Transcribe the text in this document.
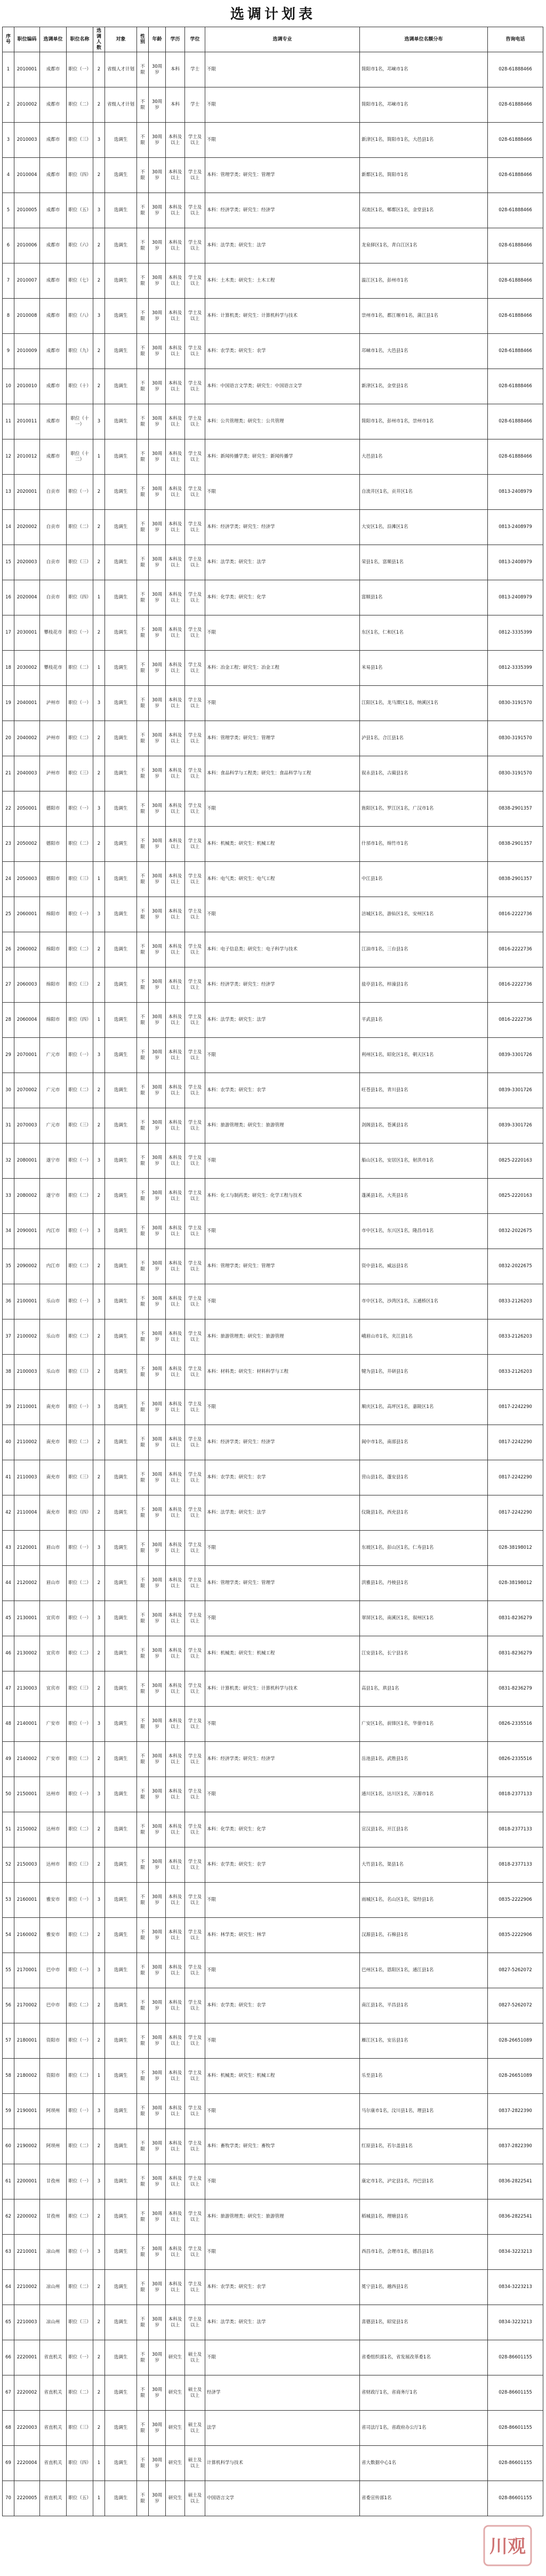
选调计划表
序号	职位编码	选调单位	职位名称	选调人数	对象	性别	年龄	学历	学位	选调专业	选调单位名额分布	咨询电话
1	2010001	成都市	职位（一）	2	省级人才计划	不限	30周岁	本科	学士	不限	简阳市1名，邛崃市1名	028-61888466
2	2010002	成都市	职位（二）	2	省级人才计划	不限	30周岁	本科	学士	不限	简阳市1名，邛崃市1名	028-61888466
3	2010003	成都市	职位（三）	3	选调生	不限	30周岁	本科及以上	学士及以上	不限	新津区1名，简阳市1名，大邑县1名	028-61888466
4	2010004	成都市	职位（四）	2	选调生	不限	30周岁	本科及以上	学士及以上	本科：管理学类；研究生：管理学	新都区1名，简阳市1名	028-61888466
5	2010005	成都市	职位（五）	3	选调生	不限	30周岁	本科及以上	学士及以上	本科：经济学类；研究生：经济学	双流区1名，郫都区1名，金堂县1名	028-61888466
6	2010006	成都市	职位（六）	2	选调生	不限	30周岁	本科及以上	学士及以上	本科：法学类；研究生：法学	龙泉驿区1名，青白江区1名	028-61888466
7	2010007	成都市	职位（七）	2	选调生	不限	30周岁	本科及以上	学士及以上	本科：土木类；研究生：土木工程	温江区1名，彭州市1名	028-61888466
8	2010008	成都市	职位（八）	3	选调生	不限	30周岁	本科及以上	学士及以上	本科：计算机类；研究生：计算机科学与技术	崇州市1名，都江堰市1名，蒲江县1名	028-61888466
9	2010009	成都市	职位（九）	2	选调生	不限	30周岁	本科及以上	学士及以上	本科：农学类；研究生：农学	邛崃市1名，大邑县1名	028-61888466
10	2010010	成都市	职位（十）	2	选调生	不限	30周岁	本科及以上	学士及以上	本科：中国语言文学类；研究生：中国语言文学	新津区1名，金堂县1名	028-61888466
11	2010011	成都市	职位（十一）	3	选调生	不限	30周岁	本科及以上	学士及以上	本科：公共管理类；研究生：公共管理	简阳市1名，彭州市1名，崇州市1名	028-61888466
12	2010012	成都市	职位（十二）	1	选调生	不限	30周岁	本科及以上	学士及以上	本科：新闻传播学类；研究生：新闻传播学	大邑县1名	028-61888466
13	2020001	自贡市	职位（一）	2	选调生	不限	30周岁	本科及以上	学士及以上	不限	自流井区1名，贡井区1名	0813-2408979
14	2020002	自贡市	职位（二）	2	选调生	不限	30周岁	本科及以上	学士及以上	本科：经济学类；研究生：经济学	大安区1名，沿滩区1名	0813-2408979
15	2020003	自贡市	职位（三）	2	选调生	不限	30周岁	本科及以上	学士及以上	本科：法学类；研究生：法学	荣县1名，富顺县1名	0813-2408979
16	2020004	自贡市	职位（四）	1	选调生	不限	30周岁	本科及以上	学士及以上	本科：化学类；研究生：化学	富顺县1名	0813-2408979
17	2030001	攀枝花市	职位（一）	2	选调生	不限	30周岁	本科及以上	学士及以上	不限	东区1名，仁和区1名	0812-3335399
18	2030002	攀枝花市	职位（二）	1	选调生	不限	30周岁	本科及以上	学士及以上	本科：冶金工程；研究生：冶金工程	米易县1名	0812-3335399
19	2040001	泸州市	职位（一）	3	选调生	不限	30周岁	本科及以上	学士及以上	不限	江阳区1名，龙马潭区1名，纳溪区1名	0830-3191570
20	2040002	泸州市	职位（二）	2	选调生	不限	30周岁	本科及以上	学士及以上	本科：管理学类；研究生：管理学	泸县1名，合江县1名	0830-3191570
21	2040003	泸州市	职位（三）	2	选调生	不限	30周岁	本科及以上	学士及以上	本科：食品科学与工程类；研究生：食品科学与工程	叙永县1名，古蔺县1名	0830-3191570
22	2050001	德阳市	职位（一）	3	选调生	不限	30周岁	本科及以上	学士及以上	不限	旌阳区1名，罗江区1名，广汉市1名	0838-2901357
23	2050002	德阳市	职位（二）	2	选调生	不限	30周岁	本科及以上	学士及以上	本科：机械类；研究生：机械工程	什邡市1名，绵竹市1名	0838-2901357
24	2050003	德阳市	职位（三）	1	选调生	不限	30周岁	本科及以上	学士及以上	本科：电气类；研究生：电气工程	中江县1名	0838-2901357
25	2060001	绵阳市	职位（一）	3	选调生	不限	30周岁	本科及以上	学士及以上	不限	涪城区1名，游仙区1名，安州区1名	0816-2222736
26	2060002	绵阳市	职位（二）	2	选调生	不限	30周岁	本科及以上	学士及以上	本科：电子信息类；研究生：电子科学与技术	江油市1名，三台县1名	0816-2222736
27	2060003	绵阳市	职位（三）	2	选调生	不限	30周岁	本科及以上	学士及以上	本科：经济学类；研究生：经济学	盐亭县1名，梓潼县1名	0816-2222736
28	2060004	绵阳市	职位（四）	1	选调生	不限	30周岁	本科及以上	学士及以上	本科：法学类；研究生：法学	平武县1名	0816-2222736
29	2070001	广元市	职位（一）	3	选调生	不限	30周岁	本科及以上	学士及以上	不限	利州区1名，昭化区1名，朝天区1名	0839-3301726
30	2070002	广元市	职位（二）	2	选调生	不限	30周岁	本科及以上	学士及以上	本科：农学类；研究生：农学	旺苍县1名，青川县1名	0839-3301726
31	2070003	广元市	职位（三）	2	选调生	不限	30周岁	本科及以上	学士及以上	本科：旅游管理类；研究生：旅游管理	剑阁县1名，苍溪县1名	0839-3301726
32	2080001	遂宁市	职位（一）	3	选调生	不限	30周岁	本科及以上	学士及以上	不限	船山区1名，安居区1名，射洪市1名	0825-2220163
33	2080002	遂宁市	职位（二）	2	选调生	不限	30周岁	本科及以上	学士及以上	本科：化工与制药类；研究生：化学工程与技术	蓬溪县1名，大英县1名	0825-2220163
34	2090001	内江市	职位（一）	3	选调生	不限	30周岁	本科及以上	学士及以上	不限	市中区1名，东兴区1名，隆昌市1名	0832-2022675
35	2090002	内江市	职位（二）	2	选调生	不限	30周岁	本科及以上	学士及以上	本科：管理学类；研究生：管理学	资中县1名，威远县1名	0832-2022675
36	2100001	乐山市	职位（一）	3	选调生	不限	30周岁	本科及以上	学士及以上	不限	市中区1名，沙湾区1名，五通桥区1名	0833-2126203
37	2100002	乐山市	职位（二）	2	选调生	不限	30周岁	本科及以上	学士及以上	本科：旅游管理类；研究生：旅游管理	峨眉山市1名，夹江县1名	0833-2126203
38	2100003	乐山市	职位（三）	2	选调生	不限	30周岁	本科及以上	学士及以上	本科：材料类；研究生：材料科学与工程	犍为县1名，井研县1名	0833-2126203
39	2110001	南充市	职位（一）	3	选调生	不限	30周岁	本科及以上	学士及以上	不限	顺庆区1名，高坪区1名，嘉陵区1名	0817-2242290
40	2110002	南充市	职位（二）	2	选调生	不限	30周岁	本科及以上	学士及以上	本科：经济学类；研究生：经济学	阆中市1名，南部县1名	0817-2242290
41	2110003	南充市	职位（三）	2	选调生	不限	30周岁	本科及以上	学士及以上	本科：农学类；研究生：农学	营山县1名，蓬安县1名	0817-2242290
42	2110004	南充市	职位（四）	2	选调生	不限	30周岁	本科及以上	学士及以上	本科：法学类；研究生：法学	仪陇县1名，西充县1名	0817-2242290
43	2120001	眉山市	职位（一）	3	选调生	不限	30周岁	本科及以上	学士及以上	不限	东坡区1名，彭山区1名，仁寿县1名	028-38198012
44	2120002	眉山市	职位（二）	2	选调生	不限	30周岁	本科及以上	学士及以上	本科：管理学类；研究生：管理学	洪雅县1名，丹棱县1名	028-38198012
45	2130001	宜宾市	职位（一）	3	选调生	不限	30周岁	本科及以上	学士及以上	不限	翠屏区1名，南溪区1名，叙州区1名	0831-8236279
46	2130002	宜宾市	职位（二）	2	选调生	不限	30周岁	本科及以上	学士及以上	本科：机械类；研究生：机械工程	江安县1名，长宁县1名	0831-8236279
47	2130003	宜宾市	职位（三）	2	选调生	不限	30周岁	本科及以上	学士及以上	本科：计算机类；研究生：计算机科学与技术	高县1名，珙县1名	0831-8236279
48	2140001	广安市	职位（一）	3	选调生	不限	30周岁	本科及以上	学士及以上	不限	广安区1名，前锋区1名，华蓥市1名	0826-2335516
49	2140002	广安市	职位（二）	2	选调生	不限	30周岁	本科及以上	学士及以上	本科：经济学类；研究生：经济学	岳池县1名，武胜县1名	0826-2335516
50	2150001	达州市	职位（一）	3	选调生	不限	30周岁	本科及以上	学士及以上	不限	通川区1名，达川区1名，万源市1名	0818-2377133
51	2150002	达州市	职位（二）	2	选调生	不限	30周岁	本科及以上	学士及以上	本科：化学类；研究生：化学	宣汉县1名，开江县1名	0818-2377133
52	2150003	达州市	职位（三）	2	选调生	不限	30周岁	本科及以上	学士及以上	本科：农学类；研究生：农学	大竹县1名，渠县1名	0818-2377133
53	2160001	雅安市	职位（一）	3	选调生	不限	30周岁	本科及以上	学士及以上	不限	雨城区1名，名山区1名，荥经县1名	0835-2222906
54	2160002	雅安市	职位（二）	2	选调生	不限	30周岁	本科及以上	学士及以上	本科：林学类；研究生：林学	汉源县1名，石棉县1名	0835-2222906
55	2170001	巴中市	职位（一）	3	选调生	不限	30周岁	本科及以上	学士及以上	不限	巴州区1名，恩阳区1名，通江县1名	0827-5262072
56	2170002	巴中市	职位（二）	2	选调生	不限	30周岁	本科及以上	学士及以上	本科：农学类；研究生：农学	南江县1名，平昌县1名	0827-5262072
57	2180001	资阳市	职位（一）	2	选调生	不限	30周岁	本科及以上	学士及以上	不限	雁江区1名，安岳县1名	028-26651089
58	2180002	资阳市	职位（二）	1	选调生	不限	30周岁	本科及以上	学士及以上	本科：机械类；研究生：机械工程	乐至县1名	028-26651089
59	2190001	阿坝州	职位（一）	3	选调生	不限	30周岁	本科及以上	学士及以上	不限	马尔康市1名，汶川县1名，理县1名	0837-2822390
60	2190002	阿坝州	职位（二）	2	选调生	不限	30周岁	本科及以上	学士及以上	本科：畜牧学类；研究生：畜牧学	红原县1名，若尔盖县1名	0837-2822390
61	2200001	甘孜州	职位（一）	3	选调生	不限	30周岁	本科及以上	学士及以上	不限	康定市1名，泸定县1名，丹巴县1名	0836-2822541
62	2200002	甘孜州	职位（二）	2	选调生	不限	30周岁	本科及以上	学士及以上	本科：旅游管理类；研究生：旅游管理	稻城县1名，理塘县1名	0836-2822541
63	2210001	凉山州	职位（一）	3	选调生	不限	30周岁	本科及以上	学士及以上	不限	西昌市1名，会理市1名，德昌县1名	0834-3223213
64	2210002	凉山州	职位（二）	2	选调生	不限	30周岁	本科及以上	学士及以上	本科：农学类；研究生：农学	冕宁县1名，越西县1名	0834-3223213
65	2210003	凉山州	职位（三）	2	选调生	不限	30周岁	本科及以上	学士及以上	本科：法学类；研究生：法学	喜德县1名，昭觉县1名	0834-3223213
66	2220001	省直机关	职位（一）	2	选调生	不限	30周岁	研究生	硕士及以上	不限	省委组织部1名，省发展改革委1名	028-86601155
67	2220002	省直机关	职位（二）	2	选调生	不限	30周岁	研究生	硕士及以上	经济学	省财政厅1名，省商务厅1名	028-86601155
68	2220003	省直机关	职位（三）	2	选调生	不限	30周岁	研究生	硕士及以上	法学	省司法厅1名，省政府办公厅1名	028-86601155
69	2220004	省直机关	职位（四）	1	选调生	不限	30周岁	研究生	硕士及以上	计算机科学与技术	省大数据中心1名	028-86601155
70	2220005	省直机关	职位（五）	1	选调生	不限	30周岁	研究生	硕士及以上	中国语言文学	省委宣传部1名	028-86601155
川观
